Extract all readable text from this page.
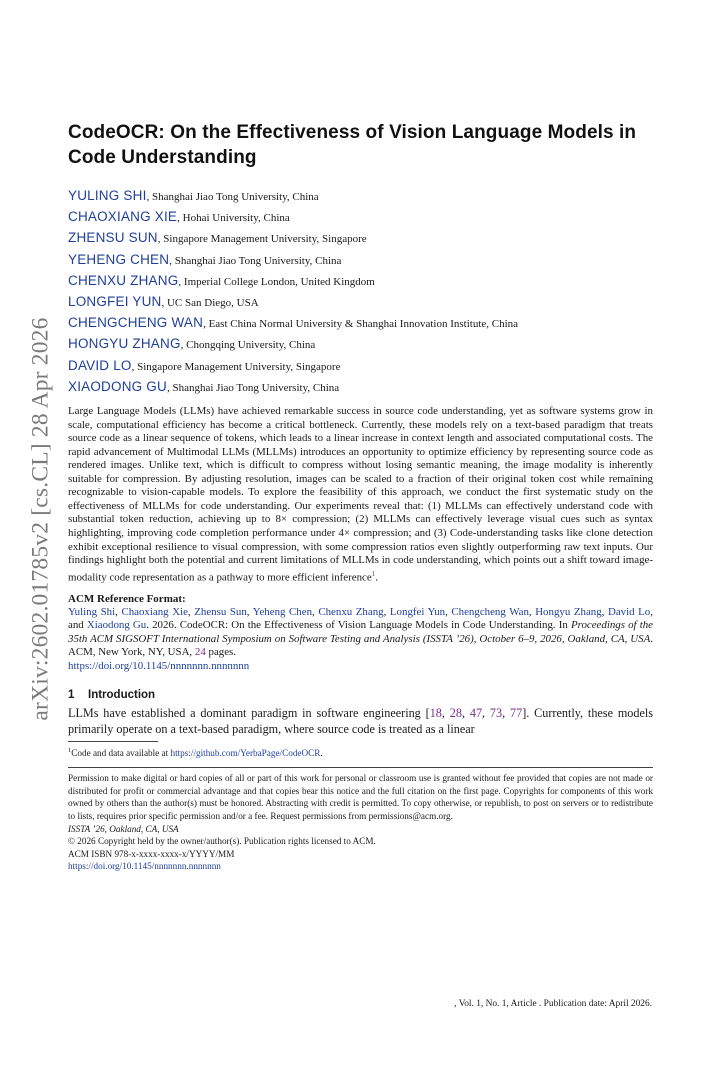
arXiv:2602.01785v2 [cs.CL] 28 Apr 2026
CodeOCR: On the Effectiveness of Vision Language Models in Code Understanding
YULING SHI, Shanghai Jiao Tong University, China
CHAOXIANG XIE, Hohai University, China
ZHENSU SUN, Singapore Management University, Singapore
YEHENG CHEN, Shanghai Jiao Tong University, China
CHENXU ZHANG, Imperial College London, United Kingdom
LONGFEI YUN, UC San Diego, USA
CHENGCHENG WAN, East China Normal University & Shanghai Innovation Institute, China
HONGYU ZHANG, Chongqing University, China
DAVID LO, Singapore Management University, Singapore
XIAODONG GU, Shanghai Jiao Tong University, China
Large Language Models (LLMs) have achieved remarkable success in source code understanding, yet as software systems grow in scale, computational efficiency has become a critical bottleneck. Currently, these models rely on a text-based paradigm that treats source code as a linear sequence of tokens, which leads to a linear increase in context length and associated computational costs. The rapid advancement of Multimodal LLMs (MLLMs) introduces an opportunity to optimize efficiency by representing source code as rendered images. Unlike text, which is difficult to compress without losing semantic meaning, the image modality is inherently suitable for compression. By adjusting resolution, images can be scaled to a fraction of their original token cost while remaining recognizable to vision-capable models. To explore the feasibility of this approach, we conduct the first systematic study on the effectiveness of MLLMs for code understanding. Our experiments reveal that: (1) MLLMs can effectively understand code with substantial token reduction, achieving up to 8× compression; (2) MLLMs can effectively leverage visual cues such as syntax highlighting, improving code completion performance under 4× compression; and (3) Code-understanding tasks like clone detection exhibit exceptional resilience to visual compression, with some compression ratios even slightly outperforming raw text inputs. Our findings highlight both the potential and current limitations of MLLMs in code understanding, which points out a shift toward image-modality code representation as a pathway to more efficient inference$^1$.
ACM Reference Format:
Yuling Shi, Chaoxiang Xie, Zhensu Sun, Yeheng Chen, Chenxu Zhang, Longfei Yun, Chengcheng Wan, Hongyu Zhang, David Lo, and Xiaodong Gu. 2026. CodeOCR: On the Effectiveness of Vision Language Models in Code Understanding. In Proceedings of the 35th ACM SIGSOFT International Symposium on Software Testing and Analysis (ISSTA ’26), October 6–9, 2026, Oakland, CA, USA. ACM, New York, NY, USA, 24 pages.
https://doi.org/10.1145/nnnnnnn.nnnnnnn
1 Introduction
LLMs have established a dominant paradigm in software engineering [18, 28, 47, 73, 77]. Currently, these models primarily operate on a text-based paradigm, where source code is treated as a linear
$^1$Code and data available at https://github.com/YerbaPage/CodeOCR.
Permission to make digital or hard copies of all or part of this work for personal or classroom use is granted without fee provided that copies are not made or distributed for profit or commercial advantage and that copies bear this notice and the full citation on the first page. Copyrights for components of this work owned by others than the author(s) must be honored. Abstracting with credit is permitted. To copy otherwise, or republish, to post on servers or to redistribute to lists, requires prior specific permission and/or a fee. Request permissions from permissions@acm.org.
ISSTA ’26, Oakland, CA, USA
© 2026 Copyright held by the owner/author(s). Publication rights licensed to ACM.
ACM ISBN 978-x-xxxx-xxxx-x/YYYY/MM
https://doi.org/10.1145/nnnnnnn.nnnnnnn
, Vol. 1, No. 1, Article . Publication date: April 2026.
